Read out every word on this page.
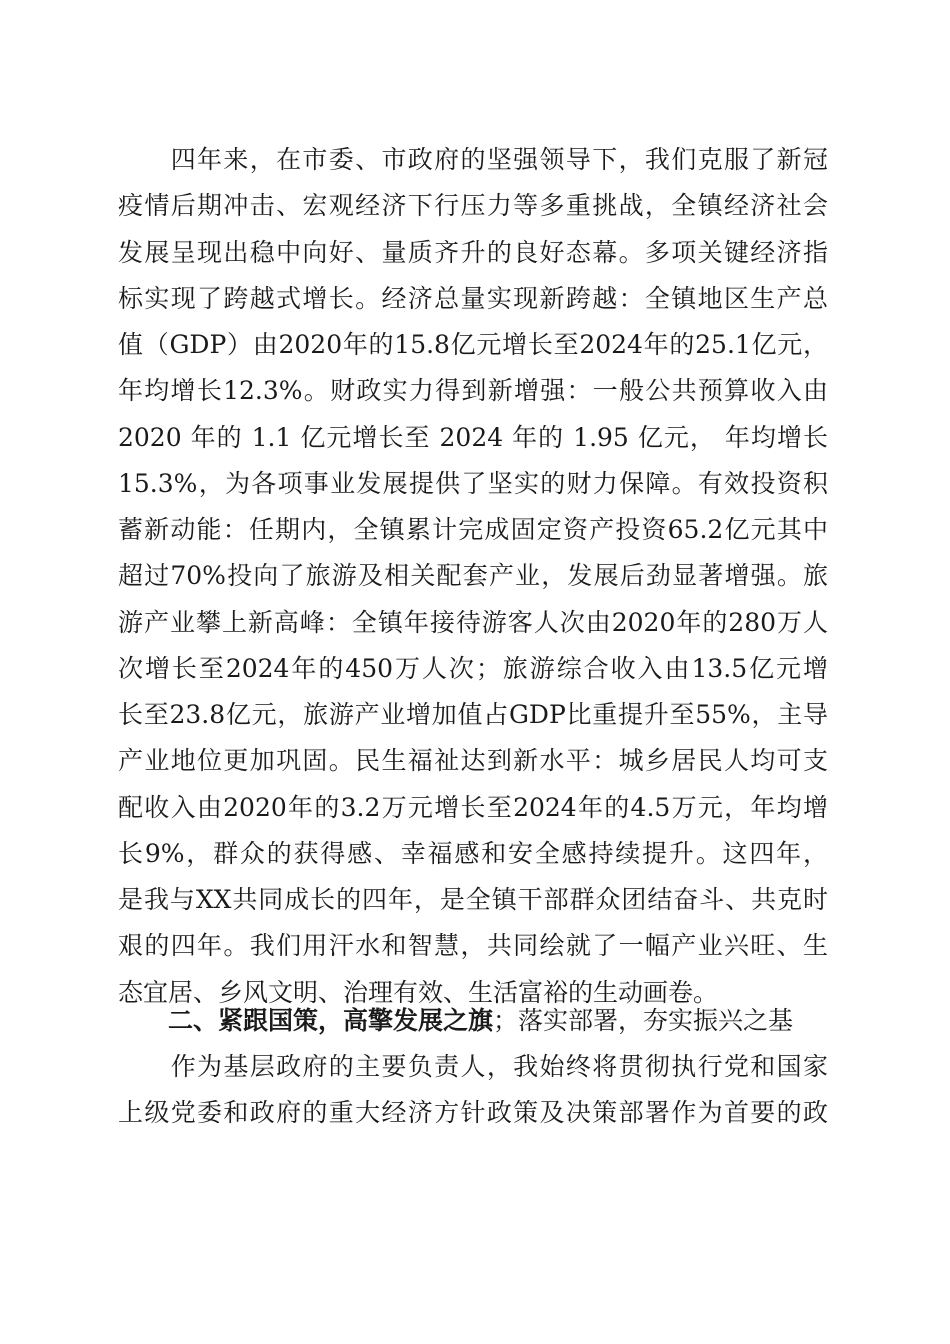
　　四年来，在市委、市政府的坚强领导下，我们克服了新冠
疫情后期冲击、宏观经济下行压力等多重挑战，全镇经济社会
发展呈现出稳中向好、量质齐升的良好态幕。多项关键经济指
标实现了跨越式增长。经济总量实现新跨越：全镇地区生产总
值（GDP）由2020年的15.8亿元增长至2024年的25.1亿元，
年均增长12.3%。财政实力得到新增强：一般公共预算收入由
2020 年的 1.1 亿元增长至 2024 年的 1.95 亿元， 年均增长
15.3%，为各项事业发展提供了坚实的财力保障。有效投资积
蓄新动能：任期内，全镇累计完成固定资产投资65.2亿元其中
超过70%投向了旅游及相关配套产业，发展后劲显著增强。旅
游产业攀上新高峰：全镇年接待游客人次由2020年的280万人
次增长至2024年的450万人次；旅游综合收入由13.5亿元增
长至23.8亿元，旅游产业增加值占GDP比重提升至55%，主导
产业地位更加巩固。民生福祉达到新水平：城乡居民人均可支
配收入由2020年的3.2万元增长至2024年的4.5万元，年均增
长9%，群众的获得感、幸福感和安全感持续提升。这四年，
是我与XX共同成长的四年，是全镇干部群众团结奋斗、共克时
艰的四年。我们用汗水和智慧，共同绘就了一幅产业兴旺、生
态宜居、乡风文明、治理有效、生活富裕的生动画卷。
二、紧跟国策，高擎发展之旗；落实部署，夯实振兴之基
　　作为基层政府的主要负责人，我始终将贯彻执行党和国家
上级党委和政府的重大经济方针政策及决策部署作为首要的政
